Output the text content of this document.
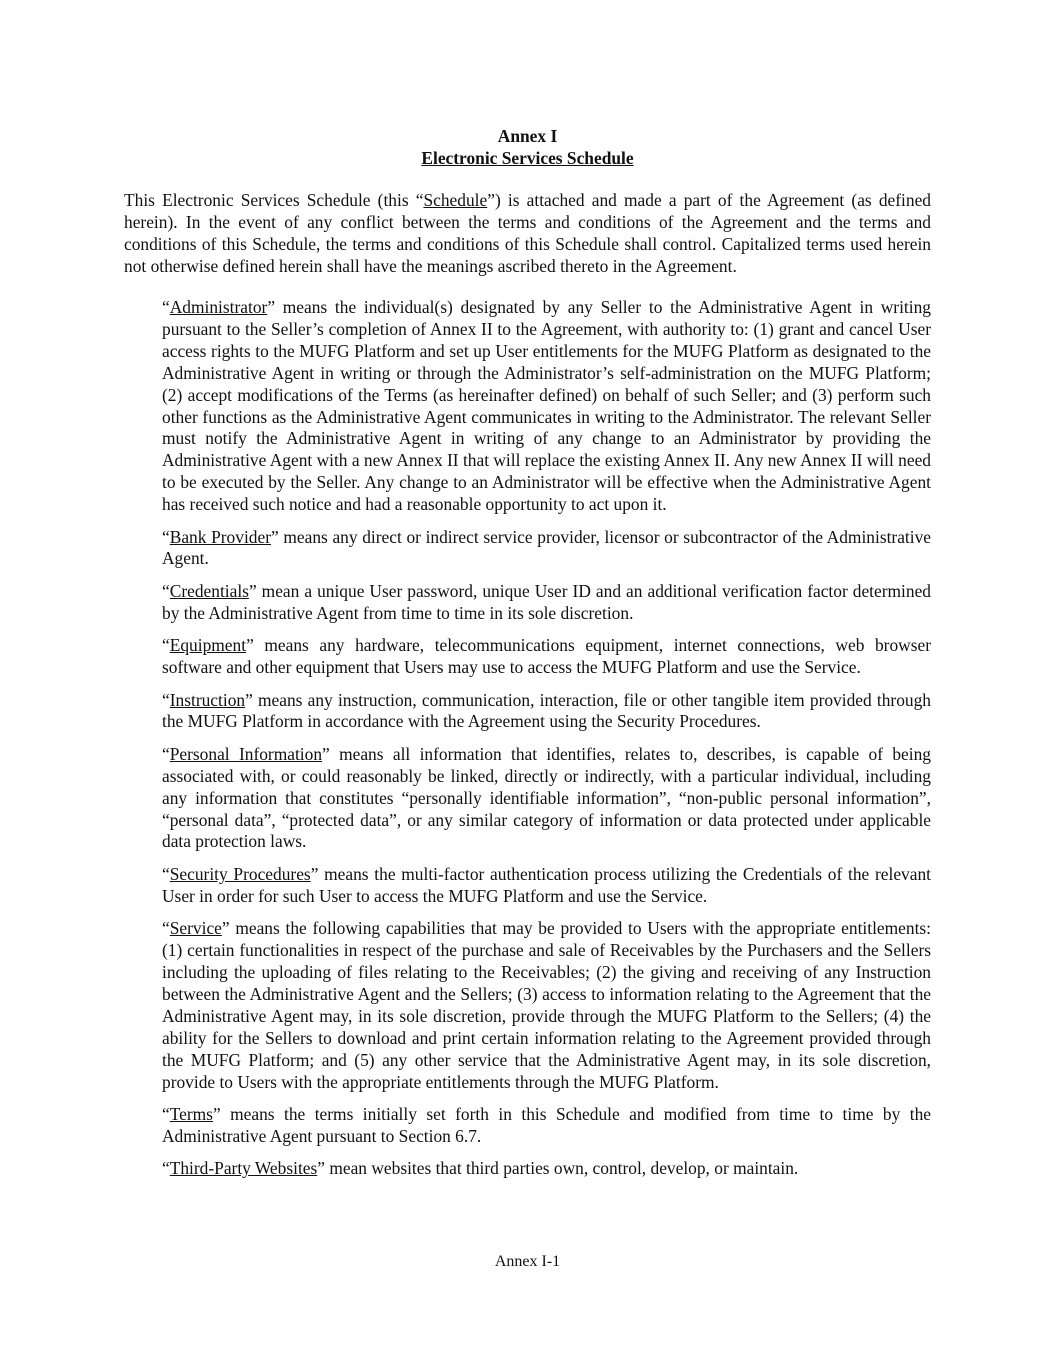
Annex I
Electronic Services Schedule

This Electronic Services Schedule (this “Schedule”) is attached and made a part of the Agreement (as defined herein). In the event of any conflict between the terms and conditions of the Agreement and the terms and conditions of this Schedule, the terms and conditions of this Schedule shall control. Capitalized terms used herein not otherwise defined herein shall have the meanings ascribed thereto in the Agreement.

“Administrator” means the individual(s) designated by any Seller to the Administrative Agent in writing pursuant to the Seller’s completion of Annex II to the Agreement, with authority to: (1) grant and cancel User access rights to the MUFG Platform and set up User entitlements for the MUFG Platform as designated to the Administrative Agent in writing or through the Administrator’s self-administration on the MUFG Platform; (2) accept modifications of the Terms (as hereinafter defined) on behalf of such Seller; and (3) perform such other functions as the Administrative Agent communicates in writing to the Administrator. The relevant Seller must notify the Administrative Agent in writing of any change to an Administrator by providing the Administrative Agent with a new Annex II that will replace the existing Annex II. Any new Annex II will need to be executed by the Seller. Any change to an Administrator will be effective when the Administrative Agent has received such notice and had a reasonable opportunity to act upon it.

“Bank Provider” means any direct or indirect service provider, licensor or subcontractor of the Administrative Agent.

“Credentials” mean a unique User password, unique User ID and an additional verification factor determined by the Administrative Agent from time to time in its sole discretion.

“Equipment” means any hardware, telecommunications equipment, internet connections, web browser software and other equipment that Users may use to access the MUFG Platform and use the Service.

“Instruction” means any instruction, communication, interaction, file or other tangible item provided through the MUFG Platform in accordance with the Agreement using the Security Procedures.

“Personal Information” means all information that identifies, relates to, describes, is capable of being associated with, or could reasonably be linked, directly or indirectly, with a particular individual, including any information that constitutes “personally identifiable information”, “non-public personal information”, “personal data”, “protected data”, or any similar category of information or data protected under applicable data protection laws.

“Security Procedures” means the multi-factor authentication process utilizing the Credentials of the relevant User in order for such User to access the MUFG Platform and use the Service.

“Service” means the following capabilities that may be provided to Users with the appropriate entitlements: (1) certain functionalities in respect of the purchase and sale of Receivables by the Purchasers and the Sellers including the uploading of files relating to the Receivables; (2) the giving and receiving of any Instruction between the Administrative Agent and the Sellers; (3) access to information relating to the Agreement that the Administrative Agent may, in its sole discretion, provide through the MUFG Platform to the Sellers; (4) the ability for the Sellers to download and print certain information relating to the Agreement provided through the MUFG Platform; and (5) any other service that the Administrative Agent may, in its sole discretion, provide to Users with the appropriate entitlements through the MUFG Platform.

“Terms” means the terms initially set forth in this Schedule and modified from time to time by the Administrative Agent pursuant to Section 6.7.

“Third-Party Websites” mean websites that third parties own, control, develop, or maintain.

Annex I-1
